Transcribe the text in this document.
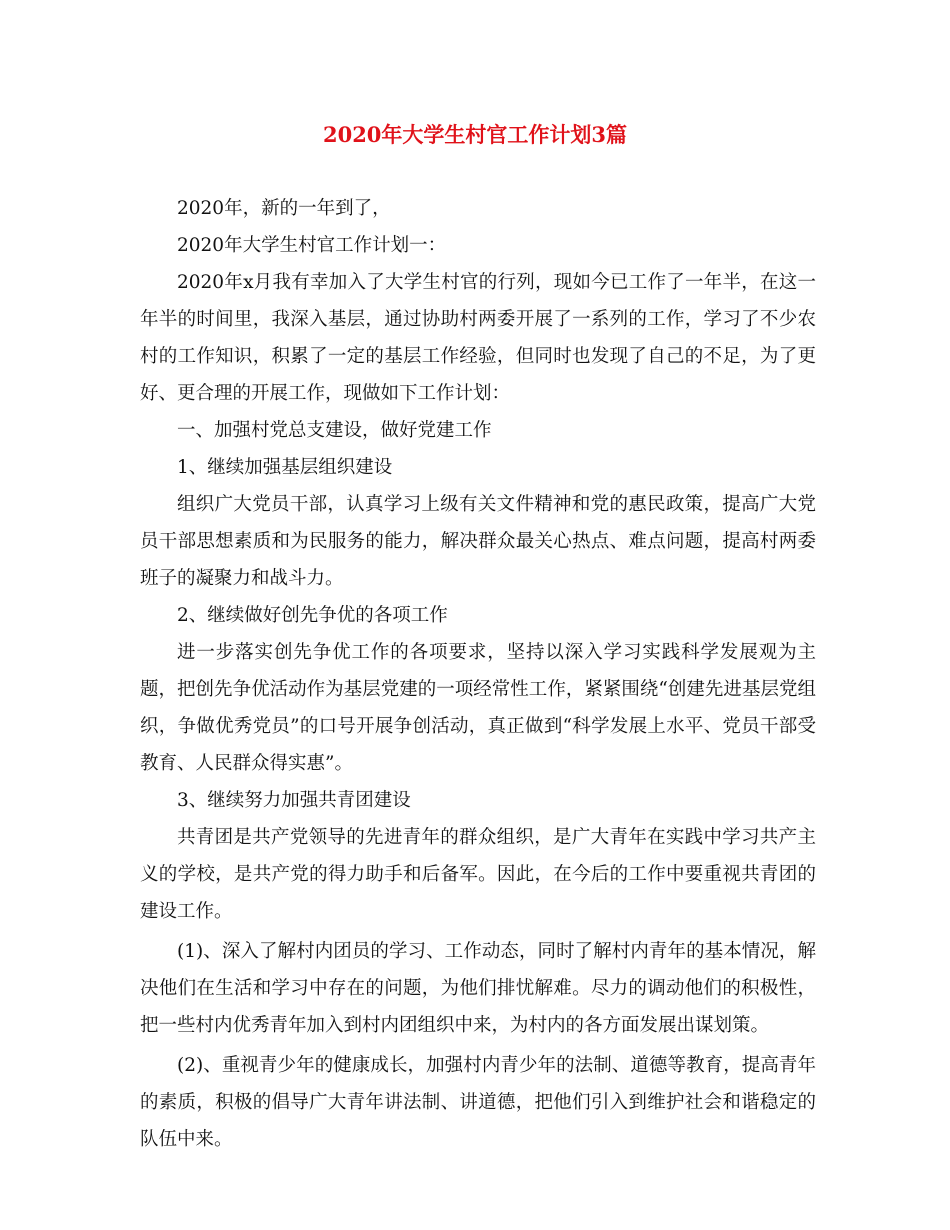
2020年大学生村官工作计划3篇

2020年，新的一年到了，

2020年大学生村官工作计划一：

2020年x月我有幸加入了大学生村官的行列，现如今已工作了一年半，在这一年半的时间里，我深入基层，通过协助村两委开展了一系列的工作，学习了不少农村的工作知识，积累了一定的基层工作经验，但同时也发现了自己的不足，为了更好、更合理的开展工作，现做如下工作计划：

一、加强村党总支建设，做好党建工作

1、继续加强基层组织建设

组织广大党员干部，认真学习上级有关文件精神和党的惠民政策，提高广大党员干部思想素质和为民服务的能力，解决群众最关心热点、难点问题，提高村两委班子的凝聚力和战斗力。

2、继续做好创先争优的各项工作

进一步落实创先争优工作的各项要求，坚持以深入学习实践科学发展观为主题，把创先争优活动作为基层党建的一项经常性工作，紧紧围绕“创建先进基层党组织，争做优秀党员”的口号开展争创活动，真正做到“科学发展上水平、党员干部受教育、人民群众得实惠”。

3、继续努力加强共青团建设

共青团是共产党领导的先进青年的群众组织，是广大青年在实践中学习共产主义的学校，是共产党的得力助手和后备军。因此，在今后的工作中要重视共青团的建设工作。

(1)、深入了解村内团员的学习、工作动态，同时了解村内青年的基本情况，解决他们在生活和学习中存在的问题，为他们排忧解难。尽力的调动他们的积极性，把一些村内优秀青年加入到村内团组织中来，为村内的各方面发展出谋划策。

(2)、重视青少年的健康成长，加强村内青少年的法制、道德等教育，提高青年的素质，积极的倡导广大青年讲法制、讲道德，把他们引入到维护社会和谐稳定的队伍中来。
